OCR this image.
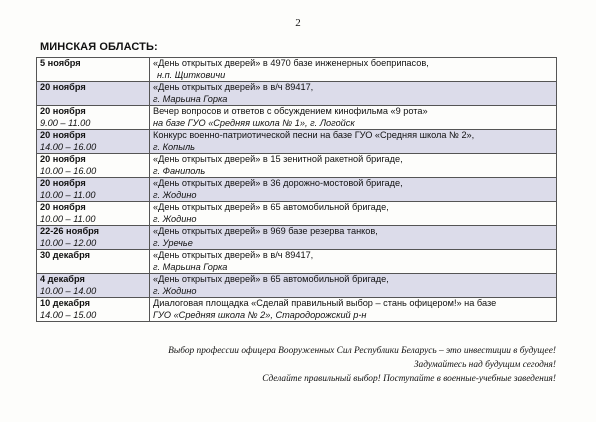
2
МИНСКАЯ ОБЛАСТЬ:
5 ноября	«День открытых дверей» в 4970 базе инженерных боеприпасов,
н.п. Щитковичи

20 ноября	«День открытых дверей» в в/ч 89417,
г. Марьина Горка

20 ноября
9.00 – 11.00	Вечер вопросов и ответов с обсуждением кинофильма «9 рота»
на базе ГУО «Средняя школа № 1», г. Логойск

20 ноября
14.00 – 16.00	Конкурс военно-патриотической песни на базе ГУО «Средняя школа № 2»,
г. Копыль

20 ноября
10.00 – 16.00	«День открытых дверей» в 15 зенитной ракетной бригаде,
г. Фаниполь

20 ноября
10.00 – 11.00	«День открытых дверей» в 36 дорожно-мостовой бригаде,
г. Жодино

20 ноября
10.00 – 11.00	«День открытых дверей» в 65 автомобильной бригаде,
г. Жодино

22-26 ноября
10.00 – 12.00	«День открытых дверей» в 969 базе резерва танков,
г. Уречье

30 декабря	«День открытых дверей» в в/ч 89417,
г. Марьина Горка

4 декабря
10.00 – 14.00	«День открытых дверей» в 65 автомобильной бригаде,
г. Жодино

10 декабря
14.00 – 15.00	Диалоговая площадка «Сделай правильный выбор – стань офицером!» на базе
ГУО «Средняя школа № 2», Стародорожский р-н
Выбор профессии офицера Вооруженных Сил Республики Беларусь – это инвестиции в будущее!
Задумайтесь над будущим сегодня!
Сделайте правильный выбор! Поступайте в военные-учебные заведения!
